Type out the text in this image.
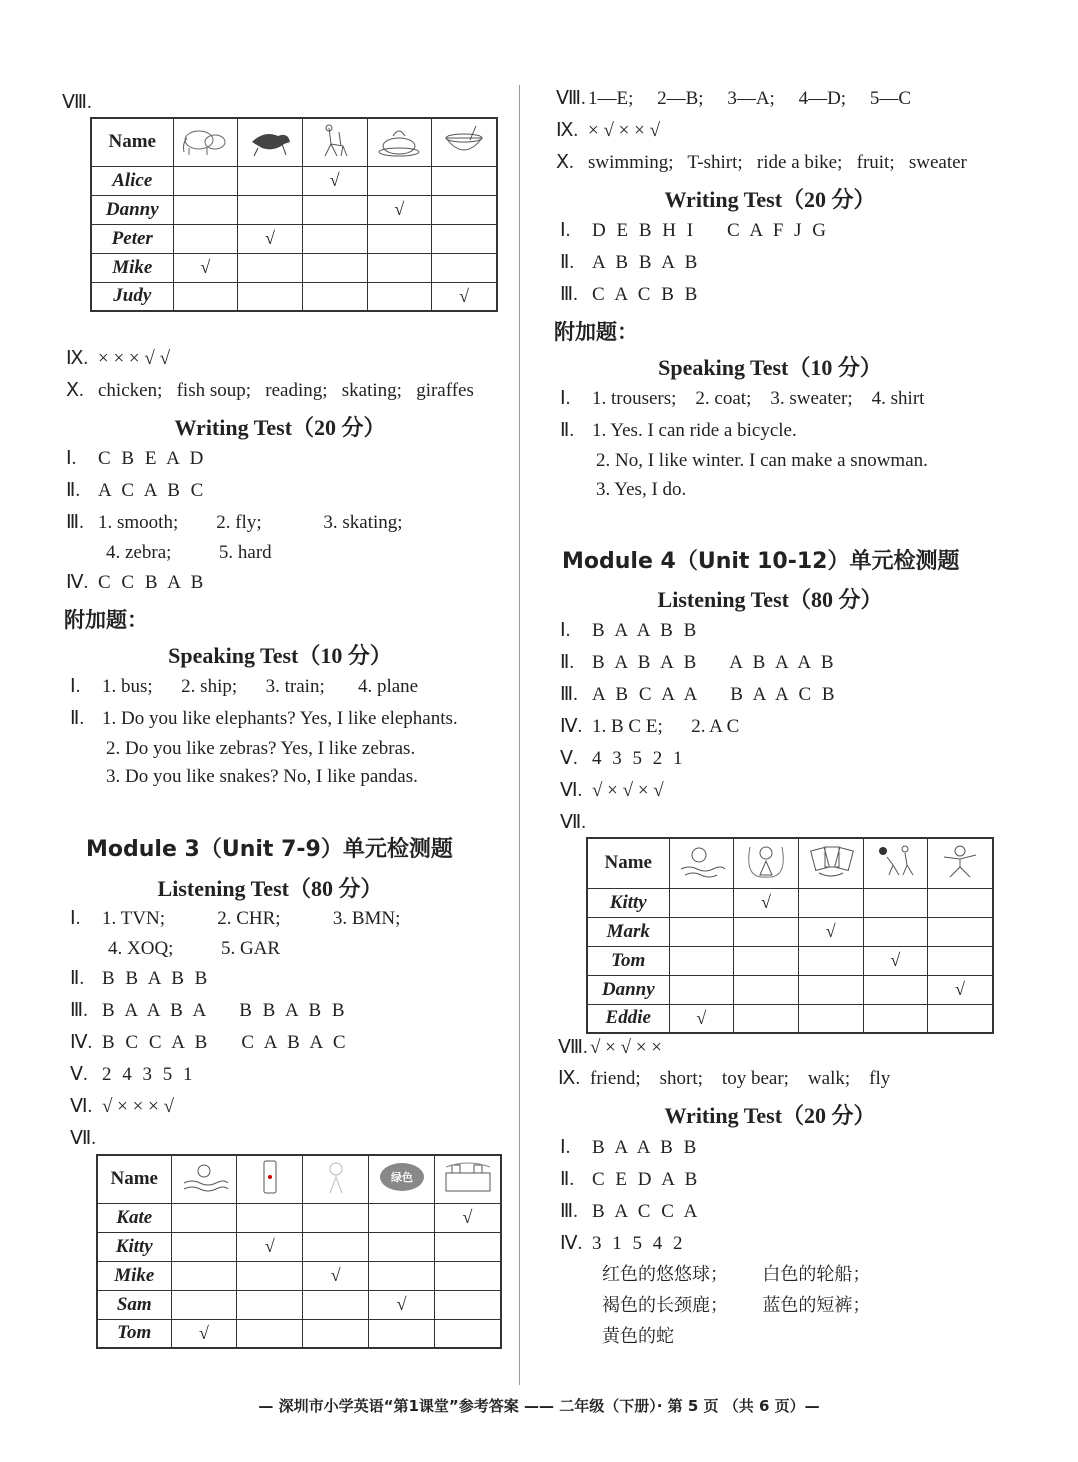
Ⅷ.
Name					
Alice			√		
Danny				√	
Peter		√			
Mike	√				
Judy					√
Ⅸ. × × × √ √
Ⅹ. chicken;   fish soup;   reading;   skating;   giraffes
Writing Test（20 分）
Ⅰ. C B E A D
Ⅱ. A C A B C
Ⅲ. 1. smooth;        2. fly;             3. skating;
4. zebra;          5. hard
Ⅳ. C C B A B
附加题：
Speaking Test（10 分）
Ⅰ. 1. bus;      2. ship;      3. train;       4. plane
Ⅱ. 1. Do you like elephants? Yes, I like elephants.
2. Do you like zebras? Yes, I like zebras.
3. Do you like snakes? No, I like pandas.
Module 3（Unit 7-9）单元检测题
Listening Test（80 分）
Ⅰ. 1. TVN;           2. CHR;           3. BMN;
4. XOQ;          5. GAR
Ⅱ. B B A B B
Ⅲ. B A A B A    B B A B B
Ⅳ. B C C A B    C A B A C
Ⅴ. 2 4 3 5 1
Ⅵ. √ × × × √
Ⅶ.
Name				绿色

Kate					√
Kitty		√			
Mike			√		
Sam				√	
Tom	√				
Ⅷ. 1—E;     2—B;     3—A;     4—D;     5—C
Ⅸ. × √ × × √
Ⅹ. swimming;   T-shirt;   ride a bike;   fruit;   sweater
Writing Test（20 分）
Ⅰ. D E B H I    C A F J G
Ⅱ. A B B A B
Ⅲ. C A C B B
附加题：
Speaking Test（10 分）
Ⅰ. 1. trousers;    2. coat;    3. sweater;    4. shirt
Ⅱ. 1. Yes. I can ride a bicycle.
2. No, I like winter. I can make a snowman.
3. Yes, I do.
Module 4（Unit 10-12）单元检测题
Listening Test（80 分）
Ⅰ. B A A B B
Ⅱ. B A B A B    A B A A B
Ⅲ. A B C A A    B A A C B
Ⅳ. 1. B C E;      2. A C
Ⅴ. 4 3 5 2 1
Ⅵ. √ × √ × √
Ⅶ.
Name					
Kitty		√			
Mark			√		
Tom				√	
Danny					√
Eddie	√				
Ⅷ. √ × √ × ×
Ⅸ. friend;    short;    toy bear;    walk;    fly
Writing Test（20 分）
Ⅰ. B A A B B
Ⅱ. C E D A B
Ⅲ. B A C C A
Ⅳ. 3 1 5 4 2
红色的悠悠球；      白色的轮船；
褐色的长颈鹿；      蓝色的短裤；
黄色的蛇
— 深圳市小学英语“第1课堂”参考答案 —— 二年级（下册）· 第 5 页 （共 6 页）—
